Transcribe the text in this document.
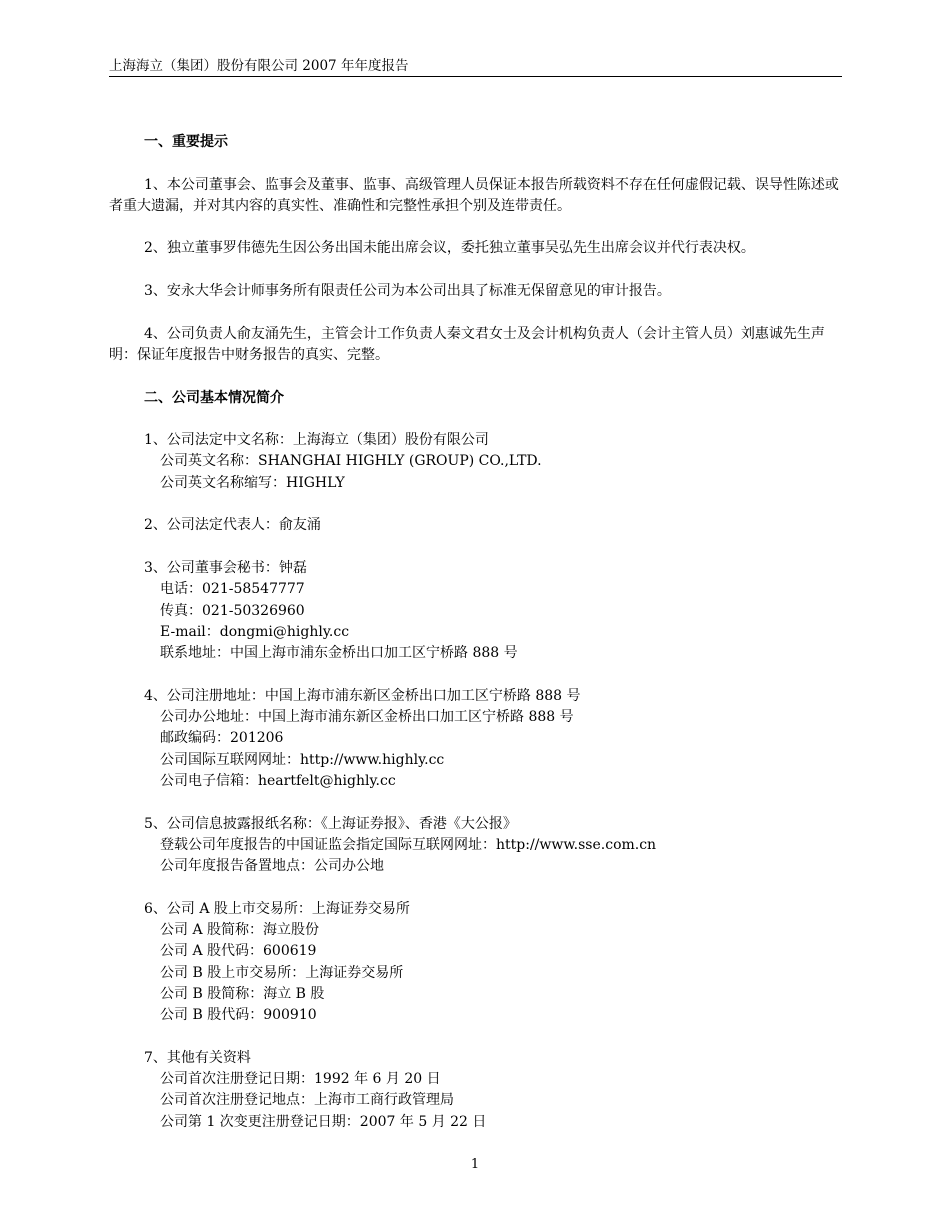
上海海立（集团）股份有限公司 2007 年年度报告
一、重要提示

1、本公司董事会、监事会及董事、监事、高级管理人员保证本报告所载资料不存在任何虚假记载、误导性陈述或者重大遗漏，并对其内容的真实性、准确性和完整性承担个别及连带责任。

2、独立董事罗伟德先生因公务出国未能出席会议，委托独立董事吴弘先生出席会议并代行表决权。

3、安永大华会计师事务所有限责任公司为本公司出具了标准无保留意见的审计报告。

4、公司负责人俞友涌先生，主管会计工作负责人秦文君女士及会计机构负责人（会计主管人员）刘惠诚先生声明：保证年度报告中财务报告的真实、完整。

二、公司基本情况简介
1、公司法定中文名称：上海海立（集团）股份有限公司
公司英文名称：SHANGHAI HIGHLY (GROUP) CO.,LTD.
公司英文名称缩写：HIGHLY
2、公司法定代表人：俞友涌
3、公司董事会秘书：钟磊
电话：021-58547777
传真：021-50326960
E-mail：dongmi@highly.cc
联系地址：中国上海市浦东金桥出口加工区宁桥路 888 号
4、公司注册地址：中国上海市浦东新区金桥出口加工区宁桥路 888 号
公司办公地址：中国上海市浦东新区金桥出口加工区宁桥路 888 号
邮政编码：201206
公司国际互联网网址：http://www.highly.cc
公司电子信箱：heartfelt@highly.cc
5、公司信息披露报纸名称：《上海证券报》、香港《大公报》
登载公司年度报告的中国证监会指定国际互联网网址：http://www.sse.com.cn
公司年度报告备置地点：公司办公地
6、公司 A 股上市交易所：上海证券交易所
公司 A 股简称：海立股份
公司 A 股代码：600619
公司 B 股上市交易所：上海证券交易所
公司 B 股简称：海立 B 股
公司 B 股代码：900910
7、其他有关资料
公司首次注册登记日期：1992 年 6 月 20 日
公司首次注册登记地点：上海市工商行政管理局
公司第 1 次变更注册登记日期：2007 年 5 月 22 日
1
